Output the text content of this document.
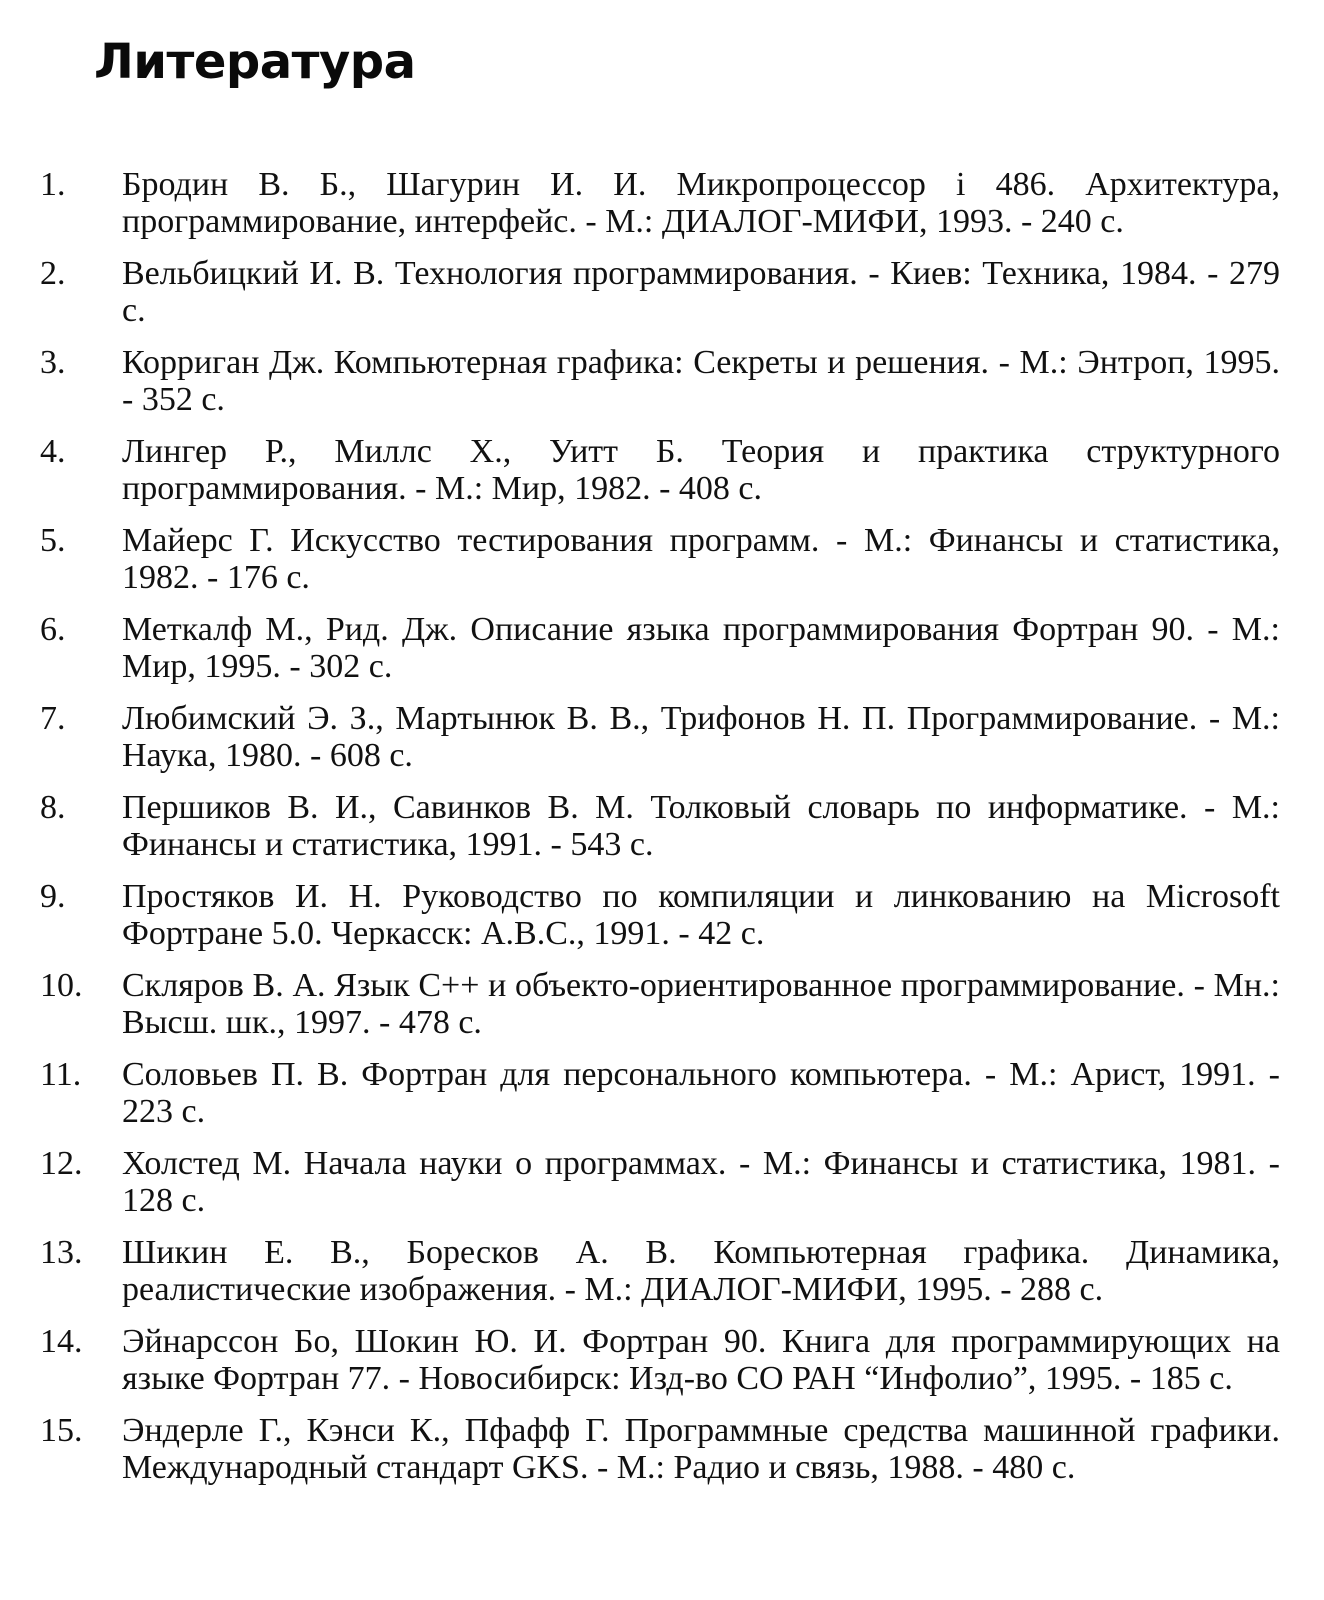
Литература
1.	Бродин В. Б., Шагурин И. И. Микропроцессор i 486. Архитектура, программирование, интерфейс. - М.: ДИАЛОГ-МИФИ, 1993. - 240 с.
2.	Вельбицкий И. В. Технология программирования. - Киев: Техника, 1984. - 279 с.
3.	Корриган Дж. Компьютерная графика: Секреты и решения. - М.: Энтроп, 1995. - 352 с.
4.	Лингер Р., Миллс Х., Уитт Б. Теория и практика структурного программирования. - М.: Мир, 1982. - 408 с.
5.	Майерс Г. Искусство тестирования программ. - М.: Финансы и статистика, 1982. - 176 с.
6.	Меткалф М., Рид. Дж. Описание языка программирования Фортран 90. - М.: Мир, 1995. - 302 с.
7.	Любимский Э. З., Мартынюк В. В., Трифонов Н. П. Программирование. - М.: Наука, 1980. - 608 с.
8.	Першиков В. И., Савинков В. М. Толковый словарь по информатике. - М.: Финансы и статистика, 1991. - 543 с.
9.	Простяков И. Н. Руководство по компиляции и линкованию на Microsoft Фортране 5.0. Черкасск: А.В.С., 1991. - 42 с.
10.	Скляров В. А. Язык С++ и объекто-ориентированное программирование. - Мн.: Высш. шк., 1997. - 478 с.
11.	Соловьев П. В. Фортран для персонального компьютера. - М.: Арист, 1991. - 223 с.
12.	Холстед М. Начала науки о программах. - М.: Финансы и статистика, 1981. - 128 с.
13.	Шикин Е. В., Боресков А. В. Компьютерная графика. Динамика, реалистические изображения. - М.: ДИАЛОГ-МИФИ, 1995. - 288 с.
14.	Эйнарссон Бо, Шокин Ю. И. Фортран 90. Книга для программирующих на языке Фортран 77. - Новосибирск: Изд-во СО РАН “Инфолио”, 1995. - 185 с.
15.	Эндерле Г., Кэнси К., Пфафф Г. Программные средства машинной графики. Международный стандарт GKS. - М.: Радио и связь, 1988. - 480 с.
